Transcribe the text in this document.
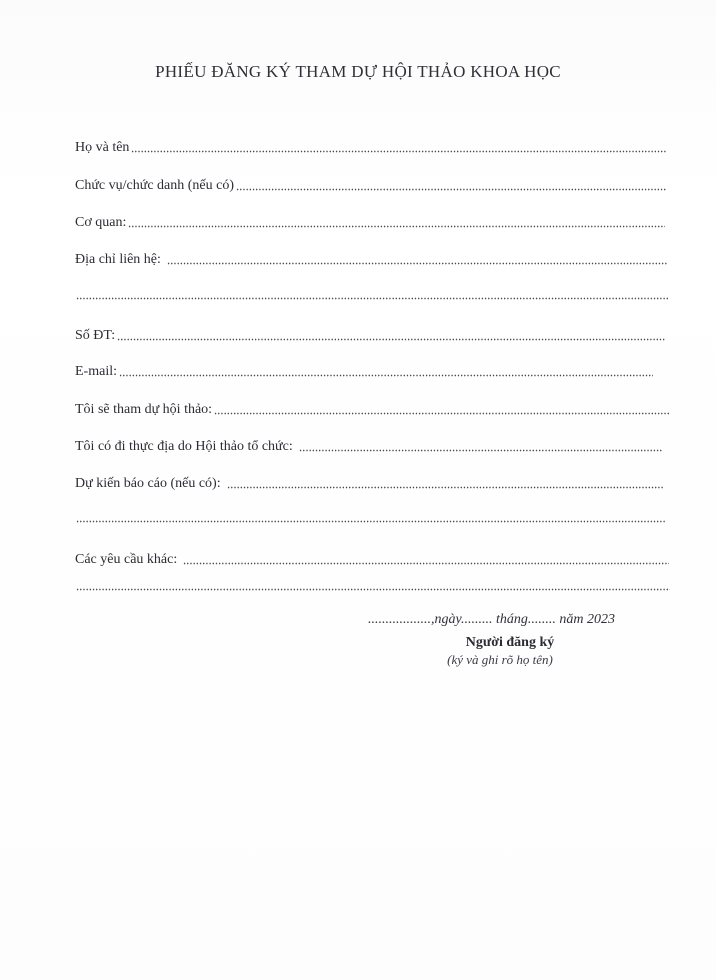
PHIẾU ĐĂNG KÝ THAM DỰ HỘI THẢO KHOA HỌC
Họ và tên
Chức vụ/chức danh (nếu có)
Cơ quan:
Địa chỉ liên hệ:
Số ĐT:
E-mail:
Tôi sẽ tham dự hội thảo:
Tôi có đi thực địa do Hội thảo tổ chức:
Dự kiến báo cáo (nếu có):
Các yêu cầu khác:
..................,ngày......... tháng........ năm 2023
Người đăng ký
(ký và ghi rõ họ tên)
